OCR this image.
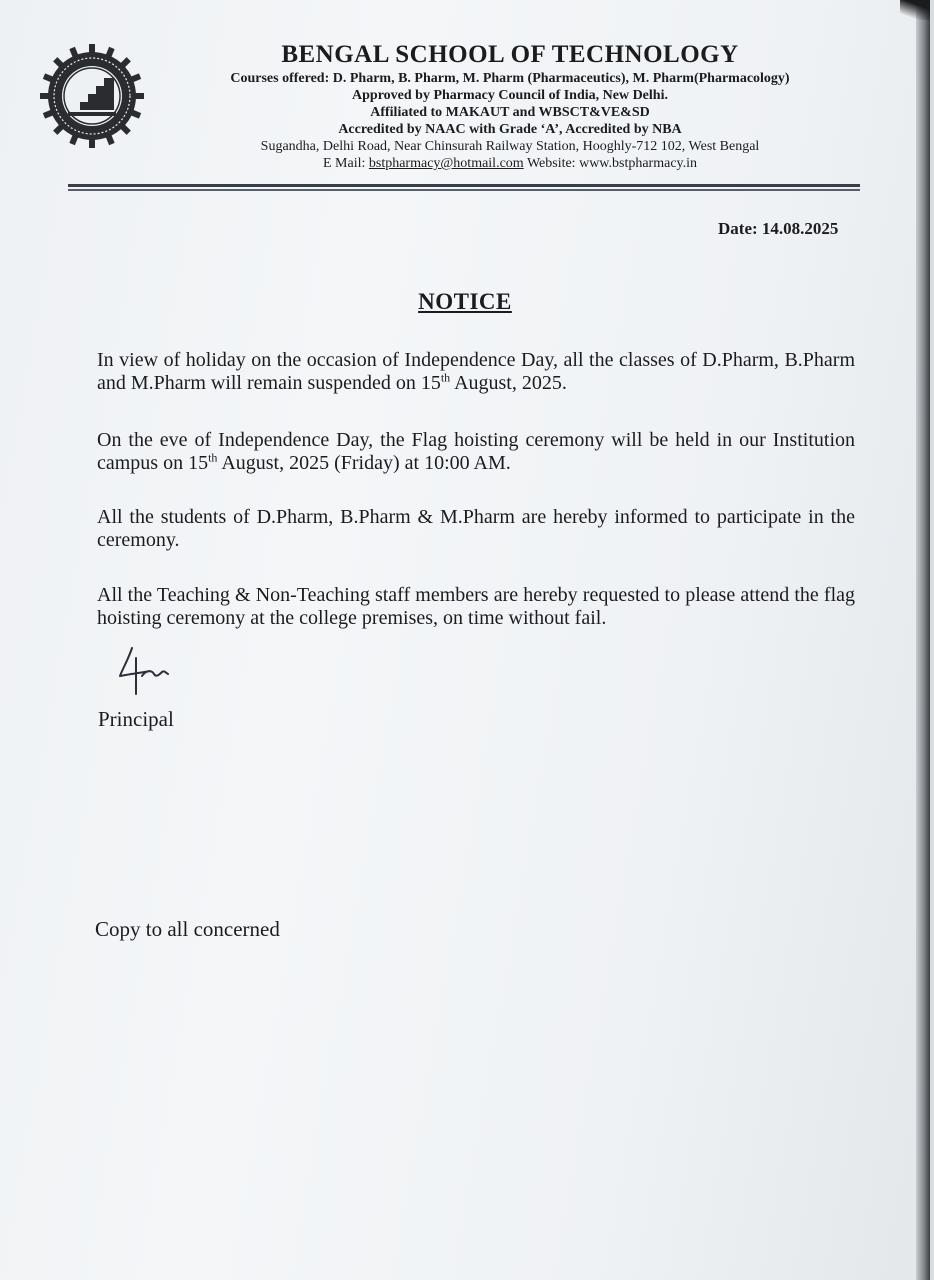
BENGAL SCHOOL OF TECHNOLOGY
Courses offered: D. Pharm, B. Pharm, M. Pharm (Pharmaceutics), M. Pharm(Pharmacology)
Approved by Pharmacy Council of India, New Delhi.
Affiliated to MAKAUT and WBSCT&VE&SD
Accredited by NAAC with Grade ‘A’, Accredited by NBA
Sugandha, Delhi Road, Near Chinsurah Railway Station, Hooghly-712 102, West Bengal
E Mail: bstpharmacy@hotmail.com Website: www.bstpharmacy.in
Date: 14.08.2025
NOTICE
In view of holiday on the occasion of Independence Day, all the classes of D.Pharm, B.Pharm and M.Pharm will remain suspended on 15th August, 2025.
On the eve of Independence Day, the Flag hoisting ceremony will be held in our Institution campus on 15th August, 2025 (Friday) at 10:00 AM.
All the students of D.Pharm, B.Pharm & M.Pharm are hereby informed to participate in the ceremony.
All the Teaching & Non-Teaching staff members are hereby requested to please attend the flag hoisting ceremony at the college premises, on time without fail.
Principal
Copy to all concerned
